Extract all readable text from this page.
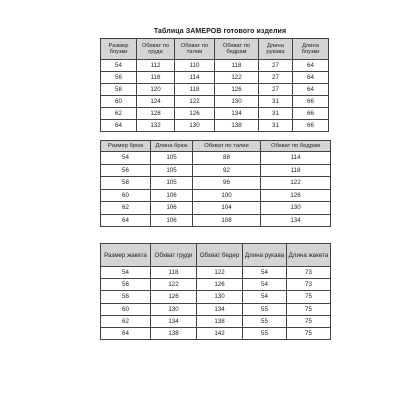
Таблица ЗАМЕРОВ готового изделия
Размер блузки	Обхват по груди	Обхват по талии	Обхват по бедрам	Длина рукава	Длина блузки
54	112	110	118	27	64
56	116	114	122	27	64
58	120	118	126	27	64
60	124	122	130	31	66
62	128	126	134	31	66
64	132	130	138	31	66
Размер брюк	Длина брюк	Обхват по талии	Обхват по бедрам
54	105	88	114
56	105	92	118
58	105	96	122
60	106	100	126
62	106	104	130
64	106	108	134
Размер жакета	Обхват груди	Обхват бедер	Длина рукава	Длина жакета
54	118	122	54	73
56	122	126	54	73
58	126	130	54	75
60	130	134	55	75
62	134	138	55	75
64	138	142	55	75
